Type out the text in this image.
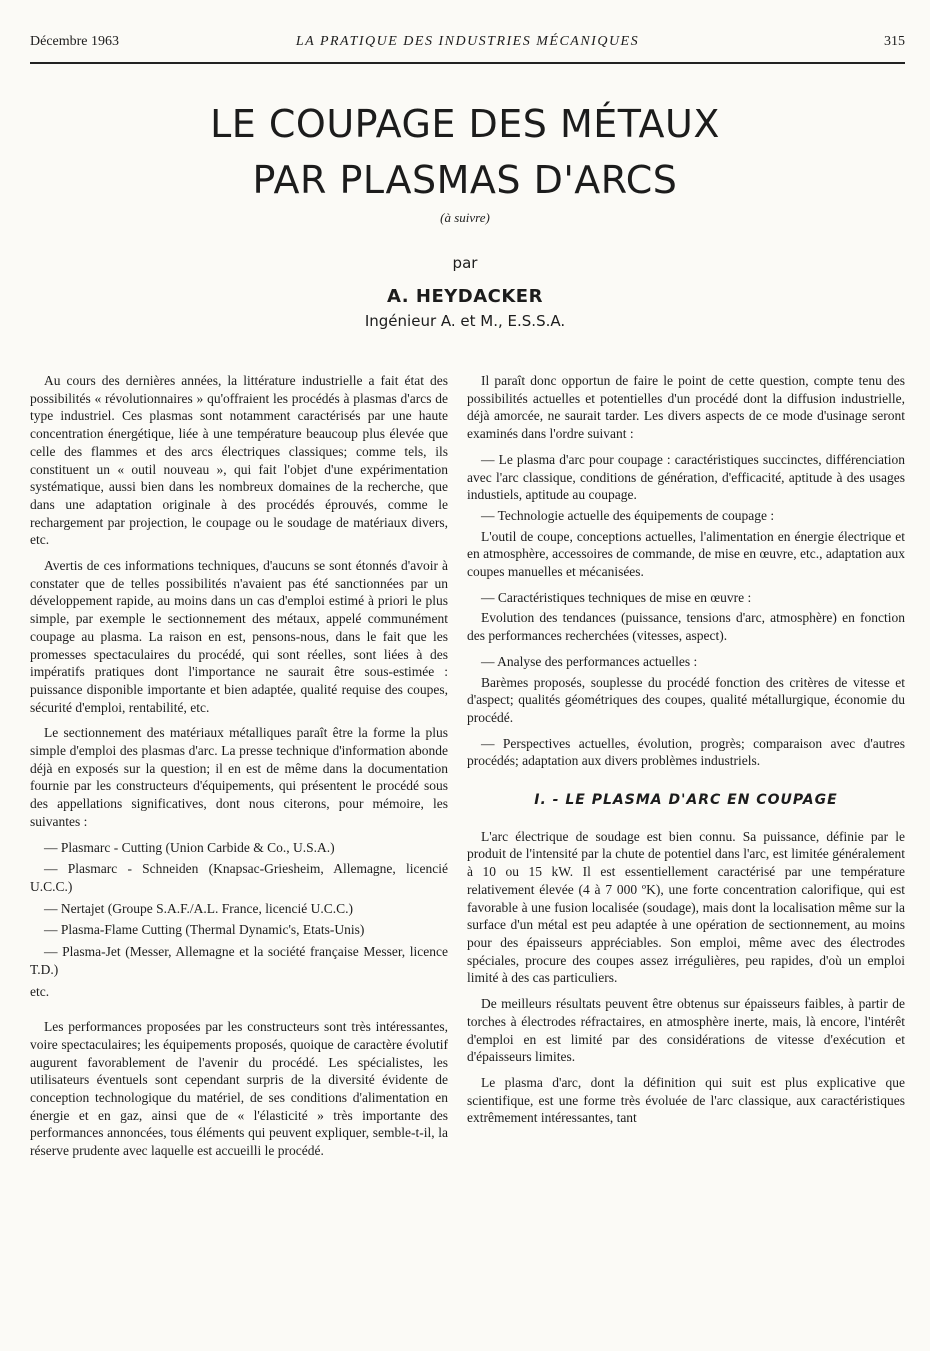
Décembre 1963	LA PRATIQUE DES INDUSTRIES MÉCANIQUES	315
LE COUPAGE DES MÉTAUX
PAR PLASMAS D'ARCS
(à suivre)
par
A. HEYDACKER
Ingénieur A. et M., E.S.S.A.

Au cours des dernières années, la littérature industrielle a fait état des possibilités « révolutionnaires » qu'offraient les procédés à plasmas d'arcs de type industriel. Ces plasmas sont notamment caractérisés par une haute concentration énergétique, liée à une température beaucoup plus élevée que celle des flammes et des arcs électriques classiques; comme tels, ils constituent un « outil nouveau », qui fait l'objet d'une expérimentation systématique, aussi bien dans les nombreux domaines de la recherche, que dans une adaptation originale à des procédés éprouvés, comme le rechargement par projection, le coupage ou le soudage de matériaux divers, etc.

Avertis de ces informations techniques, d'aucuns se sont étonnés d'avoir à constater que de telles possibilités n'avaient pas été sanctionnées par un développement rapide, au moins dans un cas d'emploi estimé à priori le plus simple, par exemple le sectionnement des métaux, appelé communément coupage au plasma. La raison en est, pensons-nous, dans le fait que les promesses spectaculaires du procédé, qui sont réelles, sont liées à des impératifs pratiques dont l'importance ne saurait être sous-estimée : puissance disponible importante et bien adaptée, qualité requise des coupes, sécurité d'emploi, rentabilité, etc.

Le sectionnement des matériaux métalliques paraît être la forme la plus simple d'emploi des plasmas d'arc. La presse technique d'information abonde déjà en exposés sur la question; il en est de même dans la documentation fournie par les constructeurs d'équipements, qui présentent le procédé sous des appellations significatives, dont nous citerons, pour mémoire, les suivantes :

— Plasmarc - Cutting (Union Carbide & Co., U.S.A.)
— Plasmarc - Schneiden (Knapsac-Griesheim, Allemagne, licencié U.C.C.)
— Nertajet (Groupe S.A.F./A.L. France, licencié U.C.C.)
— Plasma-Flame Cutting (Thermal Dynamic's, Etats-Unis)
— Plasma-Jet (Messer, Allemagne et la société française Messer, licence T.D.)
etc.

Les performances proposées par les constructeurs sont très intéressantes, voire spectaculaires; les équipements proposés, quoique de caractère évolutif augurent favorablement de l'avenir du procédé. Les spécialistes, les utilisateurs éventuels sont cependant surpris de la diversité évidente de conception technologique du matériel, de ses conditions d'alimentation en énergie et en gaz, ainsi que de « l'élasticité » très importante des performances annoncées, tous éléments qui peuvent expliquer, semble-t-il, la réserve prudente avec laquelle est accueilli le procédé.

Il paraît donc opportun de faire le point de cette question, compte tenu des possibilités actuelles et potentielles d'un procédé dont la diffusion industrielle, déjà amorcée, ne saurait tarder. Les divers aspects de ce mode d'usinage seront examinés dans l'ordre suivant :

— Le plasma d'arc pour coupage : caractéristiques succinctes, différenciation avec l'arc classique, conditions de génération, d'efficacité, aptitude à des usages industiels, aptitude au coupage.

— Technologie actuelle des équipements de coupage :

L'outil de coupe, conceptions actuelles, l'alimentation en énergie électrique et en atmosphère, accessoires de commande, de mise en œuvre, etc., adaptation aux coupes manuelles et mécanisées.

— Caractéristiques techniques de mise en œuvre :

Evolution des tendances (puissance, tensions d'arc, atmosphère) en fonction des performances recherchées (vitesses, aspect).

— Analyse des performances actuelles :

Barèmes proposés, souplesse du procédé fonction des critères de vitesse et d'aspect; qualités géométriques des coupes, qualité métallurgique, économie du procédé.

— Perspectives actuelles, évolution, progrès; comparaison avec d'autres procédés; adaptation aux divers problèmes industriels.

I. - LE PLASMA D'ARC EN COUPAGE

L'arc électrique de soudage est bien connu. Sa puissance, définie par le produit de l'intensité par la chute de potentiel dans l'arc, est limitée généralement à 10 ou 15 kW. Il est essentiellement caractérisé par une température relativement élevée (4 à 7 000 ºK), une forte concentration calorifique, qui est favorable à une fusion localisée (soudage), mais dont la localisation même sur la surface d'un métal est peu adaptée à une opération de sectionnement, au moins pour des épaisseurs appréciables. Son emploi, même avec des électrodes spéciales, procure des coupes assez irrégulières, peu rapides, d'où un emploi limité à des cas particuliers.

De meilleurs résultats peuvent être obtenus sur épaisseurs faibles, à partir de torches à électrodes réfractaires, en atmosphère inerte, mais, là encore, l'intérêt d'emploi en est limité par des considérations de vitesse d'exécution et d'épaisseurs limites.

Le plasma d'arc, dont la définition qui suit est plus explicative que scientifique, est une forme très évoluée de l'arc classique, aux caractéristiques extrêmement intéressantes, tant
